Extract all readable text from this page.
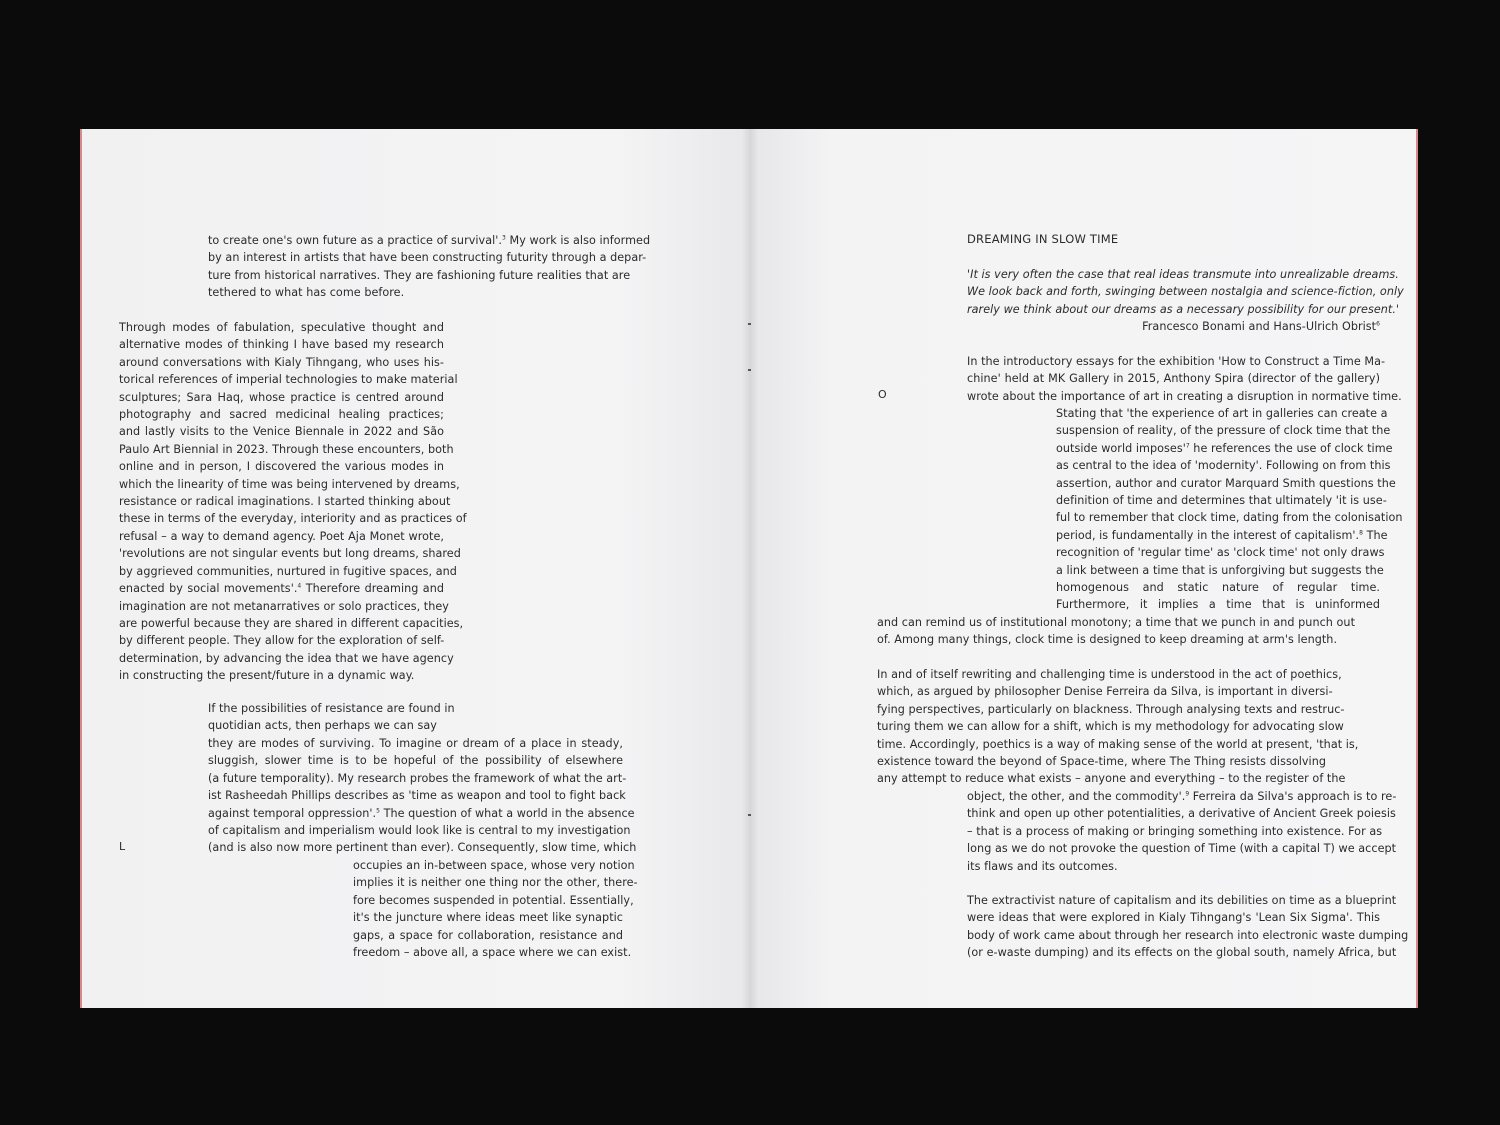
to create one's own future as a practice of survival'.$^3$ My work is also informed
by an interest in artists that have been constructing futurity through a depar-
ture from historical narratives. They are fashioning future realities that are
tethered to what has come before.
Through modes of fabulation, speculative thought and
alternative modes of thinking I have based my research
around conversations with Kialy Tihngang, who uses his-
torical references of imperial technologies to make material
sculptures; Sara Haq, whose practice is centred around
photography and sacred medicinal healing practices;
and lastly visits to the Venice Biennale in 2022 and São
Paulo Art Biennial in 2023. Through these encounters, both
online and in person, I discovered the various modes in
which the linearity of time was being intervened by dreams,
resistance or radical imaginations. I started thinking about
these in terms of the everyday, interiority and as practices of
refusal – a way to demand agency. Poet Aja Monet wrote,
'revolutions are not singular events but long dreams, shared
by aggrieved communities, nurtured in fugitive spaces, and
enacted by social movements'.$^4$ Therefore dreaming and
imagination are not metanarratives or solo practices, they
are powerful because they are shared in different capacities,
by different people. They allow for the exploration of self-
determination, by advancing the idea that we have agency
in constructing the present/future in a dynamic way.
If the possibilities of resistance are found in
quotidian acts, then perhaps we can say
they are modes of surviving. To imagine or dream of a place in steady,
sluggish, slower time is to be hopeful of the possibility of elsewhere
(a future temporality). My research probes the framework of what the art-
ist Rasheedah Phillips describes as 'time as weapon and tool to fight back
against temporal oppression'.$^5$ The question of what a world in the absence
of capitalism and imperialism would look like is central to my investigation
(and is also now more pertinent than ever). Consequently, slow time, which
occupies an in-between space, whose very notion
implies it is neither one thing nor the other, there-
fore becomes suspended in potential. Essentially,
it's the juncture where ideas meet like synaptic
gaps, a space for collaboration, resistance and
freedom – above all, a space where we can exist.
L
DREAMING IN SLOW TIME
'It is very often the case that real ideas transmute into unrealizable dreams.
We look back and forth, swinging between nostalgia and science-fiction, only
rarely we think about our dreams as a necessary possibility for our present.'
Francesco Bonami and Hans-Ulrich Obrist$^6$
In the introductory essays for the exhibition 'How to Construct a Time Ma-
chine' held at MK Gallery in 2015, Anthony Spira (director of the gallery)
wrote about the importance of art in creating a disruption in normative time.
Stating that 'the experience of art in galleries can create a
suspension of reality, of the pressure of clock time that the
outside world $imposes'^7$ he references the use of clock time
as central to the idea of 'modernity'. Following on from this
assertion, author and curator Marquard Smith questions the
definition of time and determines that ultimately 'it is use-
ful to remember that clock time, dating from the colonisation
period, is fundamentally in the interest of capitalism'.$^8$ The
recognition of 'regular time' as 'clock time' not only draws
a link between a time that is unforgiving but suggests the
homogenous and static nature of regular time.
Furthermore, it implies a time that is uninformed
and can remind us of institutional monotony; a time that we punch in and punch out
of. Among many things, clock time is designed to keep dreaming at arm's length.
In and of itself rewriting and challenging time is understood in the act of poethics,
which, as argued by philosopher Denise Ferreira da Silva, is important in diversi-
fying perspectives, particularly on blackness. Through analysing texts and restruc-
turing them we can allow for a shift, which is my methodology for advocating slow
time. Accordingly, poethics is a way of making sense of the world at present, 'that is,
existence toward the beyond of Space-time, where The Thing resists dissolving
any attempt to reduce what exists – anyone and everything – to the register of the
object, the other, and the commodity'.$^9$ Ferreira da Silva's approach is to re-
think and open up other potentialities, a derivative of Ancient Greek poiesis
– that is a process of making or bringing something into existence. For as
long as we do not provoke the question of Time (with a capital T) we accept
its flaws and its outcomes.
The extractivist nature of capitalism and its debilities on time as a blueprint
were ideas that were explored in Kialy Tihngang's 'Lean Six Sigma'. This
body of work came about through her research into electronic waste dumping
(or e-waste dumping) and its effects on the global south, namely Africa, but
O
